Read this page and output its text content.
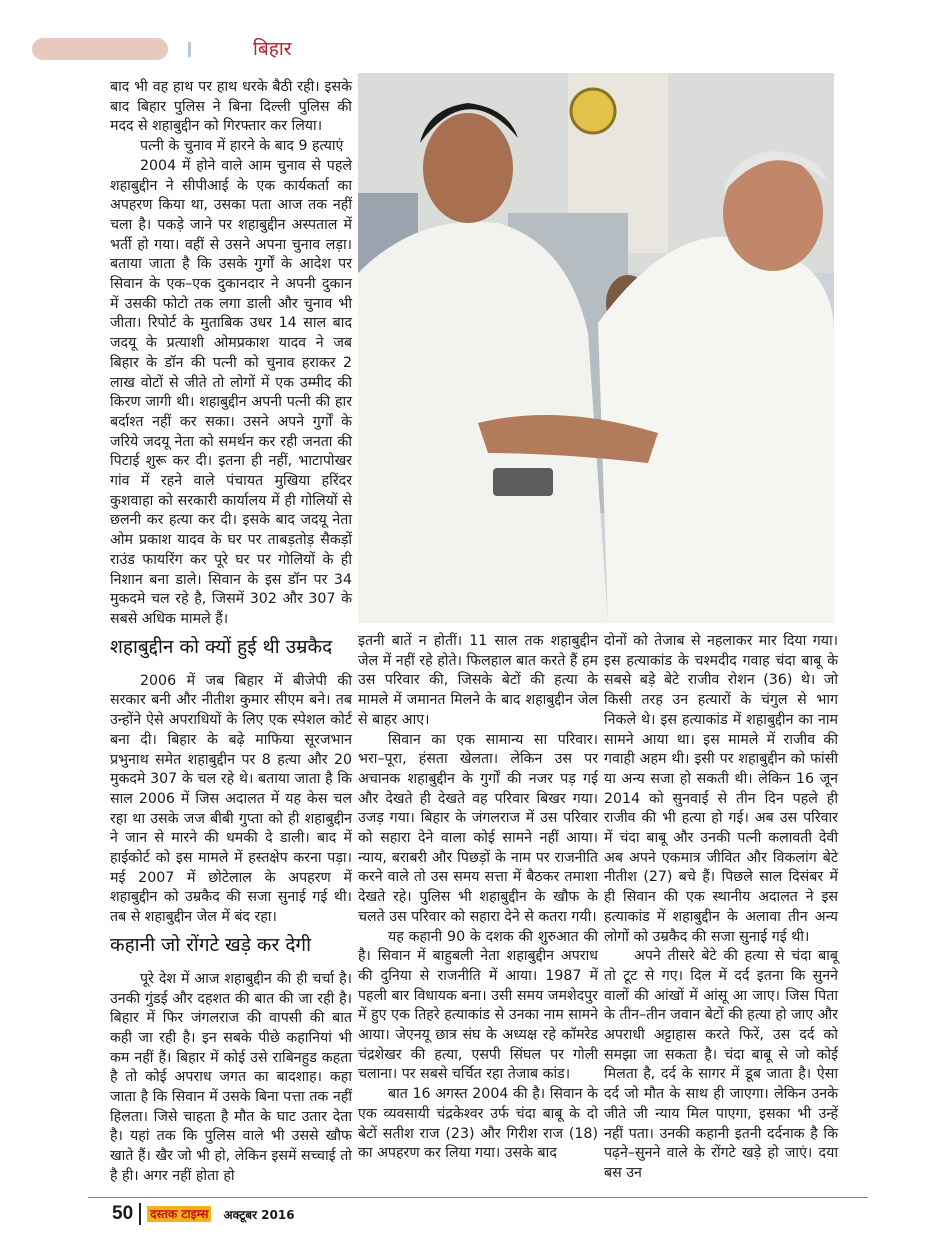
बिहार

बाद भी वह हाथ पर हाथ धरके बैठी रही। इसके बाद बिहार पुलिस ने बिना दिल्ली पुलिस की मदद से शहाबुद्दीन को गिरफ्तार कर लिया।

पत्नी के चुनाव में हारने के बाद 9 हत्याएं

2004 में होने वाले आम चुनाव से पहले शहाबुद्दीन ने सीपीआई के एक कार्यकर्ता का अपहरण किया था, उसका पता आज तक नहीं चला है। पकड़े जाने पर शहाबुद्दीन अस्पताल में भर्ती हो गया। वहीं से उसने अपना चुनाव लड़ा। बताया जाता है कि उसके गुर्गों के आदेश पर सिवान के एक–एक दुकानदार ने अपनी दुकान में उसकी फोटो तक लगा डाली और चुनाव भी जीता। रिपोर्ट के मुताबिक उधर 14 साल बाद जदयू के प्रत्याशी ओमप्रकाश यादव ने जब बिहार के डॉन की पत्नी को चुनाव हराकर 2 लाख वोटों से जीते तो लोगों में एक उम्मीद की किरण जागी थी। शहाबुद्दीन अपनी पत्नी की हार बर्दाश्त नहीं कर सका। उसने अपने गुर्गों के जरिये जदयू नेता को समर्थन कर रही जनता की पिटाई शुरू कर दी। इतना ही नहीं, भाटापोखर गांव में रहने वाले पंचायत मुखिया हरिंदर कुशवाहा को सरकारी कार्यालय में ही गोलियों से छलनी कर हत्या कर दी। इसके बाद जदयू नेता ओम प्रकाश यादव के घर पर ताबड़तोड़ सैकड़ों राउंड फायरिंग कर पूरे घर पर गोलियों के ही निशान बना डाले। सिवान के इस डॉन पर 34 मुकदमे चल रहे है, जिसमें 302 और 307 के सबसे अधिक मामले हैं।

शहाबुद्दीन को क्यों हुई थी उम्रकैद

2006 में जब बिहार में बीजेपी की सरकार बनी और नीतीश कुमार सीएम बने। तब उन्होंने ऐसे अपराधियों के लिए एक स्पेशल कोर्ट बना दी। बिहार के बढ़े माफिया सूरजभान प्रभुनाथ समेत शहाबुद्दीन पर 8 हत्या और 20 मुकदमे 307 के चल रहे थे। बताया जाता है कि साल 2006 में जिस अदालत में यह केस चल रहा था उसके जज बीबी गुप्ता को ही शहाबुद्दीन ने जान से मारने की धमकी दे डाली। बाद में हाईकोर्ट को इस मामले में हस्तक्षेप करना पड़ा। मई 2007 में छोटेलाल के अपहरण में शहाबुद्दीन को उम्रकैद की सजा सुनाई गई थी। तब से शहाबुद्दीन जेल में बंद रहा।

कहानी जो रोंगटे खड़े कर देगी

पूरे देश में आज शहाबुद्दीन की ही चर्चा है। उनकी गुंडई और दहशत की बात की जा रही है। बिहार में फिर जंगलराज की वापसी की बात कही जा रही है। इन सबके पीछे कहानियां भी कम नहीं हैं। बिहार में कोई उसे राबिनहुड कहता है तो कोई अपराध जगत का बादशाह। कहा जाता है कि सिवान में उसके बिना पत्ता तक नहीं हिलता। जिसे चाहता है मौत के घाट उतार देता है। यहां तक कि पुलिस वाले भी उससे खौफ खाते हैं। खैर जो भी हो, लेकिन इसमें सच्चाई तो है ही। अगर नहीं होता हो

इतनी बातें न होतीं। 11 साल तक शहाबुद्दीन जेल में नहीं रहे होते। फिलहाल बात करते हैं हम उस परिवार की, जिसके बेटों की हत्या के मामले में जमानत मिलने के बाद शहाबुद्दीन जेल से बाहर आए।

सिवान का एक सामान्य सा परिवार। भरा–पूरा, हंसता खेलता। लेकिन उस पर अचानक शहाबुद्दीन के गुर्गों की नजर पड़ गई और देखते ही देखते वह परिवार बिखर गया। उजड़ गया। बिहार के जंगलराज में उस परिवार को सहारा देने वाला कोई सामने नहीं आया। न्याय, बराबरी और पिछड़ों के नाम पर राजनीति करने वाले तो उस समय सत्ता में बैठकर तमाशा देखते रहे। पुलिस भी शहाबुद्दीन के खौफ के चलते उस परिवार को सहारा देने से कतरा गयी।

यह कहानी 90 के दशक की शुरुआत की है। सिवान में बाहुबली नेता शहाबुद्दीन अपराध की दुनिया से राजनीति में आया। 1987 में पहली बार विधायक बना। उसी समय जमशेदपुर में हुए एक तिहरे हत्याकांड से उनका नाम सामने आया। जेएनयू छात्र संघ के अध्यक्ष रहे कॉमरेड चंद्रशेखर की हत्या, एसपी सिंघल पर गोली चलाना। पर सबसे चर्चित रहा तेजाब कांड।

बात 16 अगस्त 2004 की है। सिवान के एक व्यवसायी चंद्रकेश्वर उर्फ चंदा बाबू के दो बेटों सतीश राज (23) और गिरीश राज (18) का अपहरण कर लिया गया। उसके बाद

दोनों को तेजाब से नहलाकर मार दिया गया। इस हत्याकांड के चश्मदीद गवाह चंदा बाबू के सबसे बड़े बेटे राजीव रोशन (36) थे। जो किसी तरह उन हत्यारों के चंगुल से भाग निकले थे। इस हत्याकांड में शहाबुद्दीन का नाम सामने आया था। इस मामले में राजीव की गवाही अहम थी। इसी पर शहाबुद्दीन को फांसी या अन्य सजा हो सकती थी। लेकिन 16 जून 2014 को सुनवाई से तीन दिन पहले ही राजीव की भी हत्या हो गई। अब उस परिवार में चंदा बाबू और उनकी पत्नी कलावती देवी अब अपने एकमात्र जीवित और विकलांग बेटे नीतीश (27) बचे हैं। पिछले साल दिसंबर में ही सिवान की एक स्थानीय अदालत ने इस हत्याकांड में शहाबुद्दीन के अलावा तीन अन्य लोगों को उम्रकैद की सजा सुनाई गई थी।

अपने तीसरे बेटे की हत्या से चंदा बाबू तो टूट से गए। दिल में दर्द इतना कि सुनने वालों की आंखों में आंसू आ जाए। जिस पिता के तीन–तीन जवान बेटों की हत्या हो जाए और अपराधी अट्टाहास करते फिरें, उस दर्द को समझा जा सकता है। चंदा बाबू से जो कोई मिलता है, दर्द के सागर में डूब जाता है। ऐसा दर्द जो मौत के साथ ही जाएगा। लेकिन उनके जीते जी न्याय मिल पाएगा, इसका भी उन्हें नहीं पता। उनकी कहानी इतनी दर्दनाक है कि पढ़ने–सुनने वाले के रोंगटे खड़े हो जाएं। दया बस उन

50 दस्तक टाइम्स अक्टूबर 2016
